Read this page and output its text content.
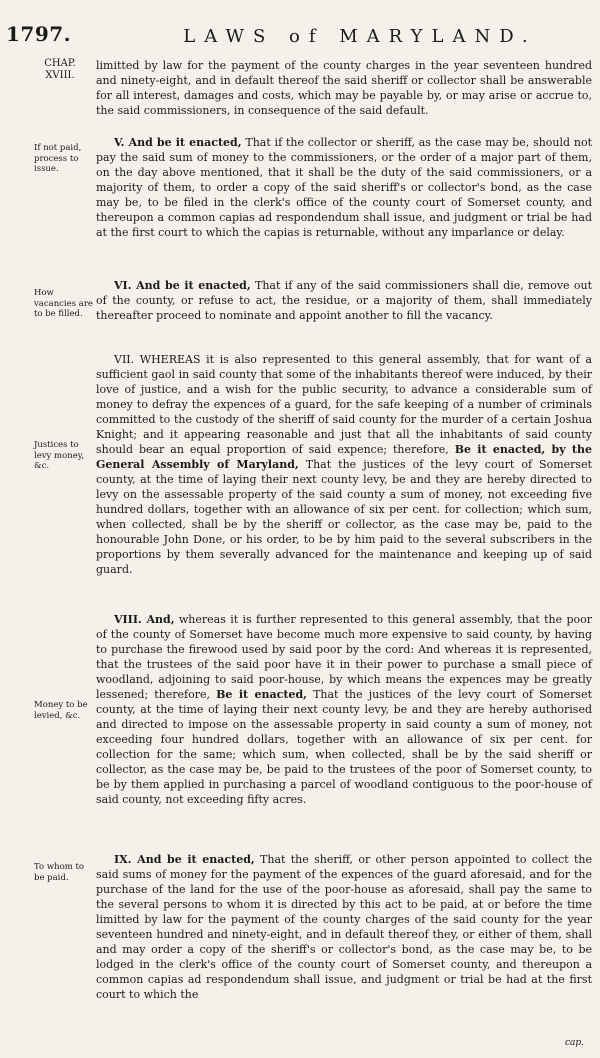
1797.	LAWS of MARYLAND.
CHAP.
XVIII.
If not paid, process to issue.
How vacancies are to be filled.
Justices to levy money, &c.
Money to be levied, &c.
To whom to be paid.

limitted by law for the payment of the county charges in the year seventeen hundred and ninety-eight, and in default thereof the said sheriff or collector shall be answerable for all interest, damages and costs, which may be payable by, or may arise or accrue to, the said commissioners, in consequence of the said default.

V. And be it enacted, That if the collector or sheriff, as the case may be, should not pay the said sum of money to the commissioners, or the order of a major part of them, on the day above mentioned, that it shall be the duty of the said commissioners, or a majority of them, to order a copy of the said sheriff's or collector's bond, as the case may be, to be filed in the clerk's office of the county court of Somerset county, and thereupon a common capias ad respondendum shall issue, and judgment or trial be had at the first court to which the capias is returnable, without any imparlance or delay.

VI. And be it enacted, That if any of the said commissioners shall die, remove out of the county, or refuse to act, the residue, or a majority of them, shall immediately thereafter proceed to nominate and appoint another to fill the vacancy.

VII. WHEREAS it is also represented to this general assembly, that for want of a sufficient gaol in said county that some of the inhabitants thereof were induced, by their love of justice, and a wish for the public security, to advance a considerable sum of money to defray the expences of a guard, for the safe keeping of a number of criminals committed to the custody of the sheriff of said county for the murder of a certain Joshua Knight; and it appearing reasonable and just that all the inhabitants of said county should bear an equal proportion of said expence; therefore, Be it enacted, by the General Assembly of Maryland, That the justices of the levy court of Somerset county, at the time of laying their next county levy, be and they are hereby directed to levy on the assessable property of the said county a sum of money, not exceeding five hundred dollars, together with an allowance of six per cent. for collection; which sum, when collected, shall be by the sheriff or collector, as the case may be, paid to the honourable John Done, or his order, to be by him paid to the several subscribers in the proportions by them severally advanced for the maintenance and keeping up of said guard.

VIII. And, whereas it is further represented to this general assembly, that the poor of the county of Somerset have become much more expensive to said county, by having to purchase the firewood used by said poor by the cord: And whereas it is represented, that the trustees of the said poor have it in their power to purchase a small piece of woodland, adjoining to said poor-house, by which means the expences may be greatly lessened; therefore, Be it enacted, That the justices of the levy court of Somerset county, at the time of laying their next county levy, be and they are hereby authorised and directed to impose on the assessable property in said county a sum of money, not exceeding four hundred dollars, together with an allowance of six per cent. for collection for the same; which sum, when collected, shall be by the said sheriff or collector, as the case may be, be paid to the trustees of the poor of Somerset county, to be by them applied in purchasing a parcel of woodland contiguous to the poor-house of said county, not exceeding fifty acres.

IX. And be it enacted, That the sheriff, or other person appointed to collect the said sums of money for the payment of the expences of the guard aforesaid, and for the purchase of the land for the use of the poor-house as aforesaid, shall pay the same to the several persons to whom it is directed by this act to be paid, at or before the time limitted by law for the payment of the county charges of the said county for the year seventeen hundred and ninety-eight, and in default thereof they, or either of them, shall and may order a copy of the sheriff's or collector's bond, as the case may be, to be lodged in the clerk's office of the county court of Somerset county, and thereupon a common capias ad respondendum shall issue, and judgment or trial be had at the first court to which the

cap.
